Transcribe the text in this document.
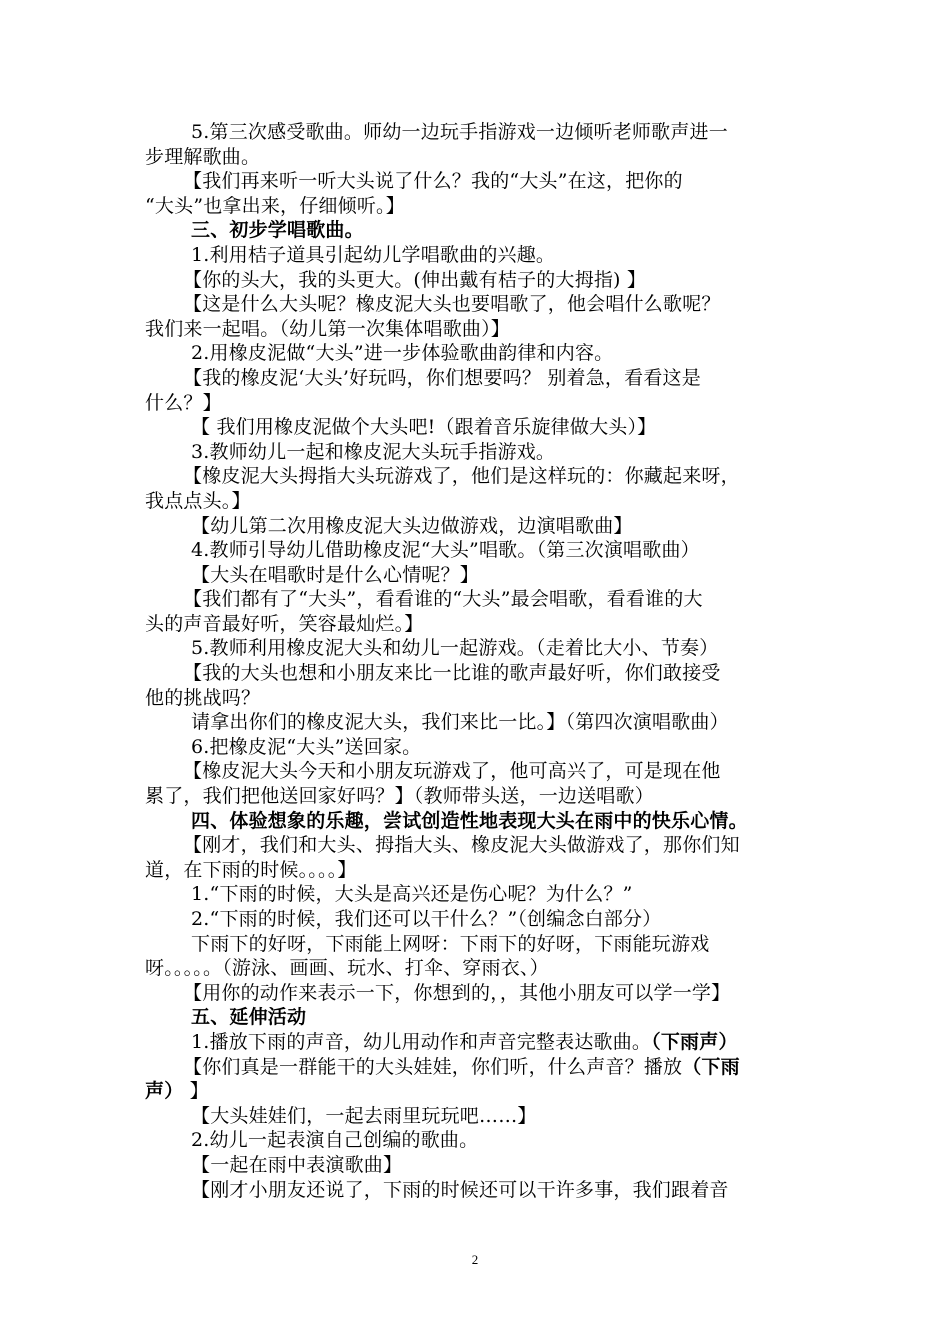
5.第三次感受歌曲。师幼一边玩手指游戏一边倾听老师歌声进一
步理解歌曲。
【我们再来听一听大头说了什么？我的“大头”在这，把你的
“大头”也拿出来，仔细倾听。】
三、初步学唱歌曲。
1.利用桔子道具引起幼儿学唱歌曲的兴趣。
【你的头大，我的头更大。(伸出戴有桔子的大拇指) 】
【这是什么大头呢？橡皮泥大头也要唱歌了，他会唱什么歌呢？
我们来一起唱。（幼儿第一次集体唱歌曲）】
2.用橡皮泥做“大头”进一步体验歌曲韵律和内容。
【我的橡皮泥‘大头’好玩吗，你们想要吗？ 别着急，看看这是
什么？】
【 我们用橡皮泥做个大头吧!（跟着音乐旋律做大头）】
3.教师幼儿一起和橡皮泥大头玩手指游戏。
【橡皮泥大头拇指大头玩游戏了，他们是这样玩的：你藏起来呀，
我点点头。】
【幼儿第二次用橡皮泥大头边做游戏，边演唱歌曲】
4.教师引导幼儿借助橡皮泥“大头”唱歌。（第三次演唱歌曲）
【大头在唱歌时是什么心情呢？】
【我们都有了“大头”，看看谁的“大头”最会唱歌，看看谁的大
头的声音最好听，笑容最灿烂。】
5.教师利用橡皮泥大头和幼儿一起游戏。（走着比大小、节奏）
【我的大头也想和小朋友来比一比谁的歌声最好听，你们敢接受
他的挑战吗？
请拿出你们的橡皮泥大头，我们来比一比。】（第四次演唱歌曲）
6.把橡皮泥“大头”送回家。
【橡皮泥大头今天和小朋友玩游戏了，他可高兴了，可是现在他
累了，我们把他送回家好吗？】（教师带头送，一边送唱歌）
四、体验想象的乐趣，尝试创造性地表现大头在雨中的快乐心情。
【刚才，我们和大头、拇指大头、橡皮泥大头做游戏了，那你们知
道，在下雨的时候。。。。】
1.“下雨的时候，大头是高兴还是伤心呢？为什么？”
2.“下雨的时候，我们还可以干什么？”（创编念白部分）
下雨下的好呀，下雨能上网呀：下雨下的好呀，下雨能玩游戏
呀。。。。。（游泳、画画、玩水、打伞、穿雨衣、）
【用你的动作来表示一下，你想到的，，其他小朋友可以学一学】
五、延伸活动
1.播放下雨的声音，幼儿用动作和声音完整表达歌曲。（下雨声）
【你们真是一群能干的大头娃娃，你们听，什么声音？播放（下雨
声） 】
【大头娃娃们，一起去雨里玩玩吧……】
2.幼儿一起表演自己创编的歌曲。
【一起在雨中表演歌曲】
【刚才小朋友还说了，下雨的时候还可以干许多事，我们跟着音
2
